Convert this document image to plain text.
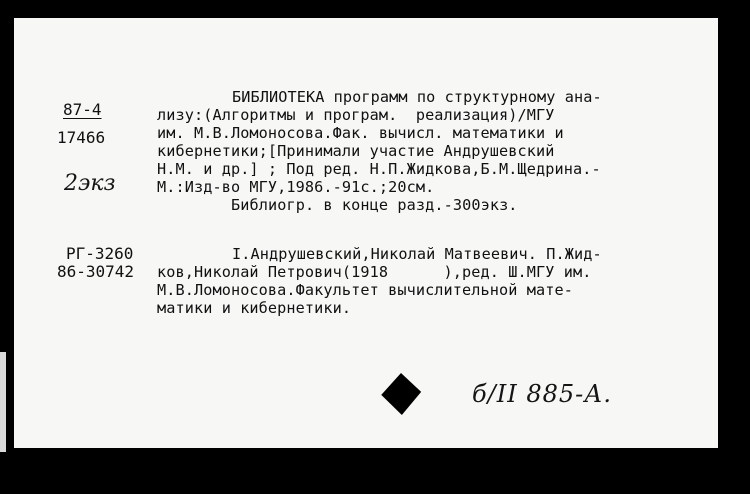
87-4
17466
2экз
БИБЛИОТЕКА программ по структурному ана-
лизу:(Алгоритмы и програм.  реализация)/МГУ
им. М.В.Ломоносова.Фак. вычисл. математики и
кибернетики;[Принимали участие Андрушевский
Н.М. и др.] ; Под ред. Н.П.Жидкова,Б.М.Щедрина.-
М.:Изд-во МГУ,1986.-91с.;20см.
Библиогр. в конце разд.-300экз.
РГ-3260
86-30742
I.Андрушевский,Николай Матвеевич. П.Жид-
ков,Николай Петрович(1918      ),ред. Ш.МГУ им.
М.В.Ломоносова.Факультет вычислительной мате-
матики и кибернетики.
б/II 885-А.
